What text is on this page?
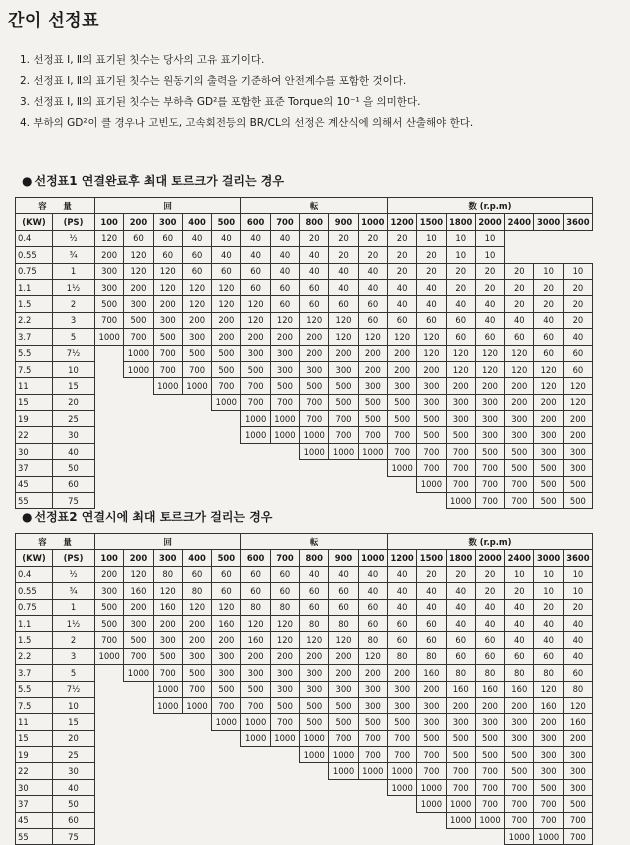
간이 선정표
1. 선정표 Ⅰ, Ⅱ의 표기된 칫수는 당사의 고유 표기이다.
2. 선정표 Ⅰ, Ⅱ의 표기된 칫수는 원동기의 출력을 기준하여 안전계수를 포함한 것이다.
3. 선정표 Ⅰ, Ⅱ의 표기된 칫수는 부하측 GD²를 포함한 표준 Torque의 10⁻¹ 을 의미한다.
4. 부하의 GD²이 클 경우나 고빈도, 고속회전등의 BR/CL의 선정은 계산식에 의해서 산출해야 한다.
● 선정표1 연결완료후 최대 토르크가 걸리는 경우
容　　量		回					転					数 (r.p.m)						
(KW)	(PS)	100	200	300	400	500	600	700	800	900	1000	1200	1500	1800	2000	2400	3000	3600
0.4	½	120	60	60	40	40	40	40	20	20	20	20	10	10	10			
0.55	¾	200	120	60	60	40	40	40	40	20	20	20	20	10	10			
0.75	1	300	120	120	60	60	60	40	40	40	40	20	20	20	20	20	10	10
1.1	1½	300	200	120	120	120	60	60	60	40	40	40	40	20	20	20	20	20
1.5	2	500	300	200	120	120	120	60	60	60	60	40	40	40	40	20	20	20
2.2	3	700	500	300	200	200	120	120	120	120	60	60	60	60	40	40	40	20
3.7	5	1000	700	500	300	200	200	200	200	120	120	120	120	60	60	60	60	40
5.5	7½		1000	700	500	500	300	300	200	200	200	200	120	120	120	120	60	60
7.5	10		1000	700	700	500	500	300	300	300	200	200	200	120	120	120	120	60
11	15			1000	1000	700	700	500	500	500	300	300	300	200	200	200	120	120
15	20					1000	700	700	700	500	500	500	300	300	300	200	200	120
19	25						1000	1000	700	700	500	500	500	300	300	300	200	200
22	30						1000	1000	1000	700	700	700	500	500	300	300	300	200
30	40								1000	1000	1000	700	700	700	500	500	300	300
37	50											1000	700	700	700	500	500	300
45	60												1000	700	700	700	500	500
55	75													1000	700	700	500	500
● 선정표2 연결시에 최대 토르크가 걸리는 경우
容　　量		回					転					数 (r.p.m)						
(KW)	(PS)	100	200	300	400	500	600	700	800	900	1000	1200	1500	1800	2000	2400	3000	3600
0.4	½	200	120	80	60	60	60	60	40	40	40	40	20	20	20	10	10	10
0.55	¾	300	160	120	80	60	60	60	60	60	40	40	40	40	20	20	10	10
0.75	1	500	200	160	120	120	80	80	60	60	60	40	40	40	40	40	20	20
1.1	1½	500	300	200	200	160	120	120	80	80	60	60	60	40	40	40	40	40
1.5	2	700	500	300	200	200	160	120	120	120	80	60	60	60	60	40	40	40
2.2	3	1000	700	500	300	300	200	200	200	200	120	80	80	60	60	60	60	40
3.7	5		1000	700	500	300	300	300	300	200	200	200	160	80	80	80	80	60
5.5	7½			1000	700	500	500	300	300	300	300	300	200	160	160	160	120	80
7.5	10			1000	1000	700	700	500	500	500	300	300	300	200	200	200	160	120
11	15					1000	1000	700	500	500	500	500	300	300	300	300	200	160
15	20						1000	1000	1000	700	700	700	500	500	500	300	300	200
19	25								1000	1000	700	700	700	500	500	500	300	300
22	30									1000	1000	1000	700	700	700	500	300	300
30	40											1000	1000	700	700	700	500	300
37	50												1000	1000	700	700	700	500
45	60													1000	1000	700	700	700
55	75															1000	1000	700
